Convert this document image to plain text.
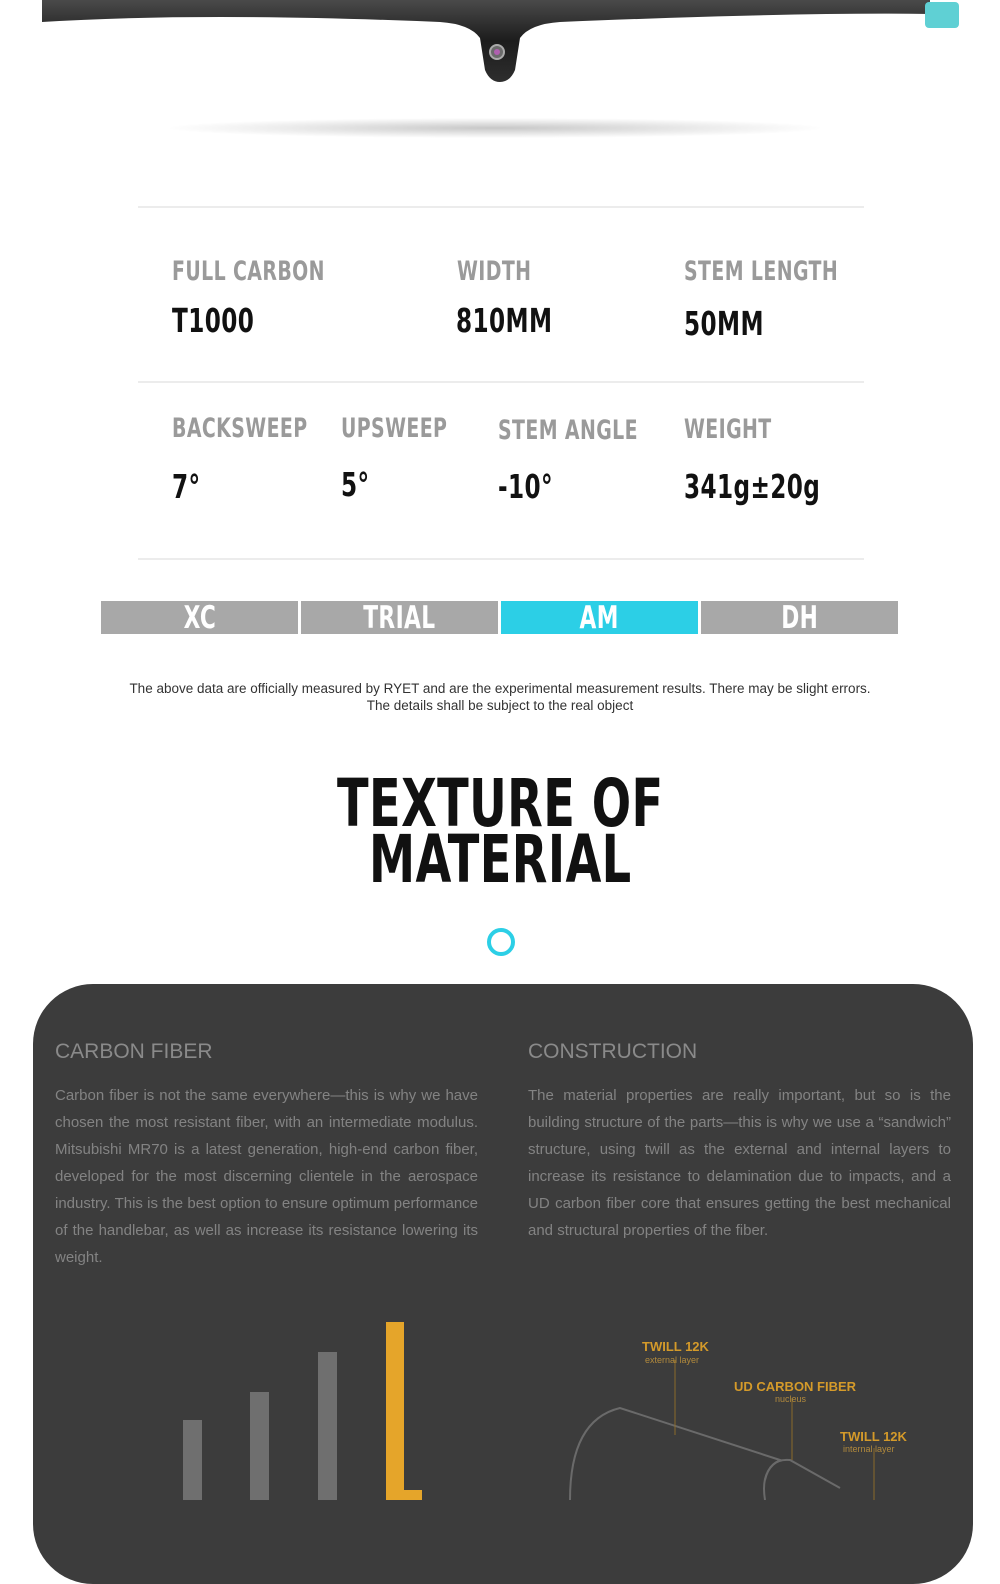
FULL CARBON
T1000
WIDTH
810MM
STEM LENGTH
50MM
BACKSWEEP
7°
UPSWEEP
5°
STEM ANGLE
-10°
WEIGHT
341g±20g
XC	TRIAL	AM	DH
The above data are officially measured by RYET and are the experimental measurement results. There may be slight errors. The details shall be subject to the real object
TEXTURE OF
MATERIAL
CARBON FIBER
Carbon fiber is not the same everywhere—this is why we have chosen the most resistant fiber, with an intermediate modulus. Mitsubishi MR70 is a latest generation, high-end carbon fiber, developed for the most discerning clientele in the aerospace industry. This is the best option to ensure optimum performance of the handlebar, as well as increase its resistance lowering its weight.
CONSTRUCTION
The material properties are really important, but so is the building structure of the parts—this is why we use a “sandwich” structure, using twill as the external and internal layers to increase its resistance to delamination due to impacts, and a UD carbon fiber core that ensures getting the best mechanical and structural properties of the fiber.
TWILL 12K
external layer
UD CARBON FIBER
nucleus
TWILL 12K
internal layer
